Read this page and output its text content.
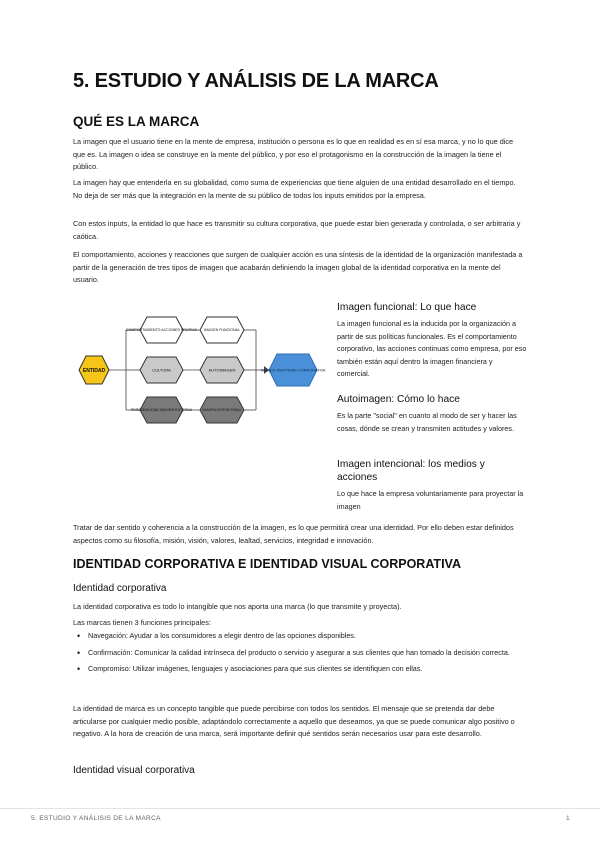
5. ESTUDIO Y ANÁLISIS DE LA MARCA
QUÉ ES LA MARCA

La imagen que el usuario tiene en la mente de empresa, institución o persona es lo que en realidad es en sí esa marca, y no lo que dice que es. La imagen o idea se construye en la mente del público, y por eso el protagonismo en la construcción de la imagen la tiene el público.

La imagen hay que entenderla en su globalidad, como suma de experiencias que tiene alguien de una entidad desarrollado en el tiempo. No deja de ser más que la integración en la mente de su público de todos los inputs emitidos por la empresa.

Con estos inputs, la entidad lo que hace es transmitir su cultura corporativa, que puede estar bien generada y controlada, o ser arbitraria y caótica.

El comportamiento, acciones y reacciones que surgen de cualquier acción es una síntesis de la identidad de la organización manifestada a partir de la generación de tres tipos de imagen que acabarán definiendo la imagen global de la identidad corporativa en la mente del usuario.

ENTIDAD
COMPORTAMIENTO ACCIONES PROPIAS
CULTURA
PERSONALIDAD IMAGEN EXTERNA
IMAGEN FUNCIONAL
AUTOIMAGEN
IMAGEN INTENCIONAL
IMAGEN IDENTIDAD CORPORATIVA
Imagen funcional: Lo que hace

La imagen funcional es la inducida por la organización a partir de sus políticas funcionales. Es el comportamiento corporativo, las acciones continuas como empresa, por eso también están aquí dentro la imagen financiera y comercial.

Autoimagen: Cómo lo hace

Es la parte "social" en cuanto al modo de ser y hacer las cosas, dónde se crean y transmiten actitudes y valores.

Imagen intencional: los medios y acciones

Lo que hace la empresa voluntariamente para proyectar la imagen

Tratar de dar sentido y coherencia a la construcción de la imagen, es lo que permitirá crear una identidad. Por ello deben estar definidos aspectos como su filosofía, misión, visión, valores, lealtad, servicios, integridad e innovación.

IDENTIDAD CORPORATIVA E IDENTIDAD VISUAL CORPORATIVA
Identidad corporativa

La identidad corporativa es todo lo intangible que nos aporta una marca (lo que transmite y proyecta).

Las marcas tienen 3 funciones principales:

• Navegación: Ayudar a los consumidores a elegir dentro de las opciones disponibles.
• Confirmación: Comunicar la calidad intrínseca del producto o servicio y asegurar a sus clientes que han tomado la decisión correcta.
• Compromiso: Utilizar imágenes, lenguajes y asociaciones para que sus clientes se identifiquen con ellas.

La identidad de marca es un concepto tangible que puede percibirse con todos los sentidos. El mensaje que se pretenda dar debe articularse por cualquier medio posible, adaptándolo correctamente a aquello que deseamos, ya que se puede comunicar algo positivo o negativo. A la hora de creación de una marca, será importante definir qué sentidos serán necesarios usar para este desarrollo.

Identidad visual corporativa
5. ESTUDIO Y ANÁLISIS DE LA MARCA	1
